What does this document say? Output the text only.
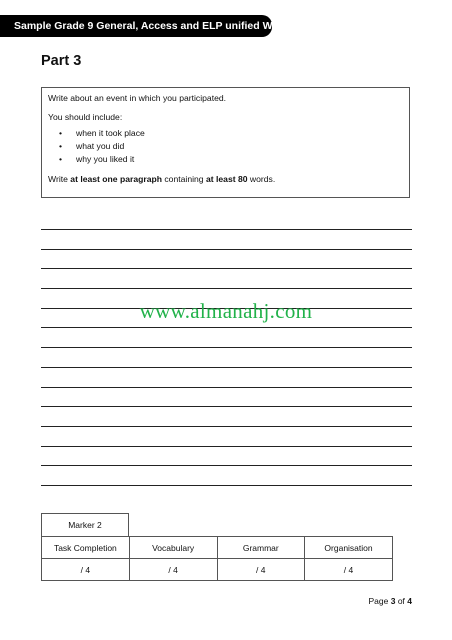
Sample Grade 9 General, Access and ELP unified Writing
Part 3

Write about an event in which you participated.

You should include:

• when it took place
• what you did
• why you liked it

Write at least one paragraph containing at least 80 words.

www.almanahj.com
Marker 2
Task Completion	Vocabulary	Grammar	Organisation
/ 4	/ 4	/ 4	/ 4
Page 3 of 4
